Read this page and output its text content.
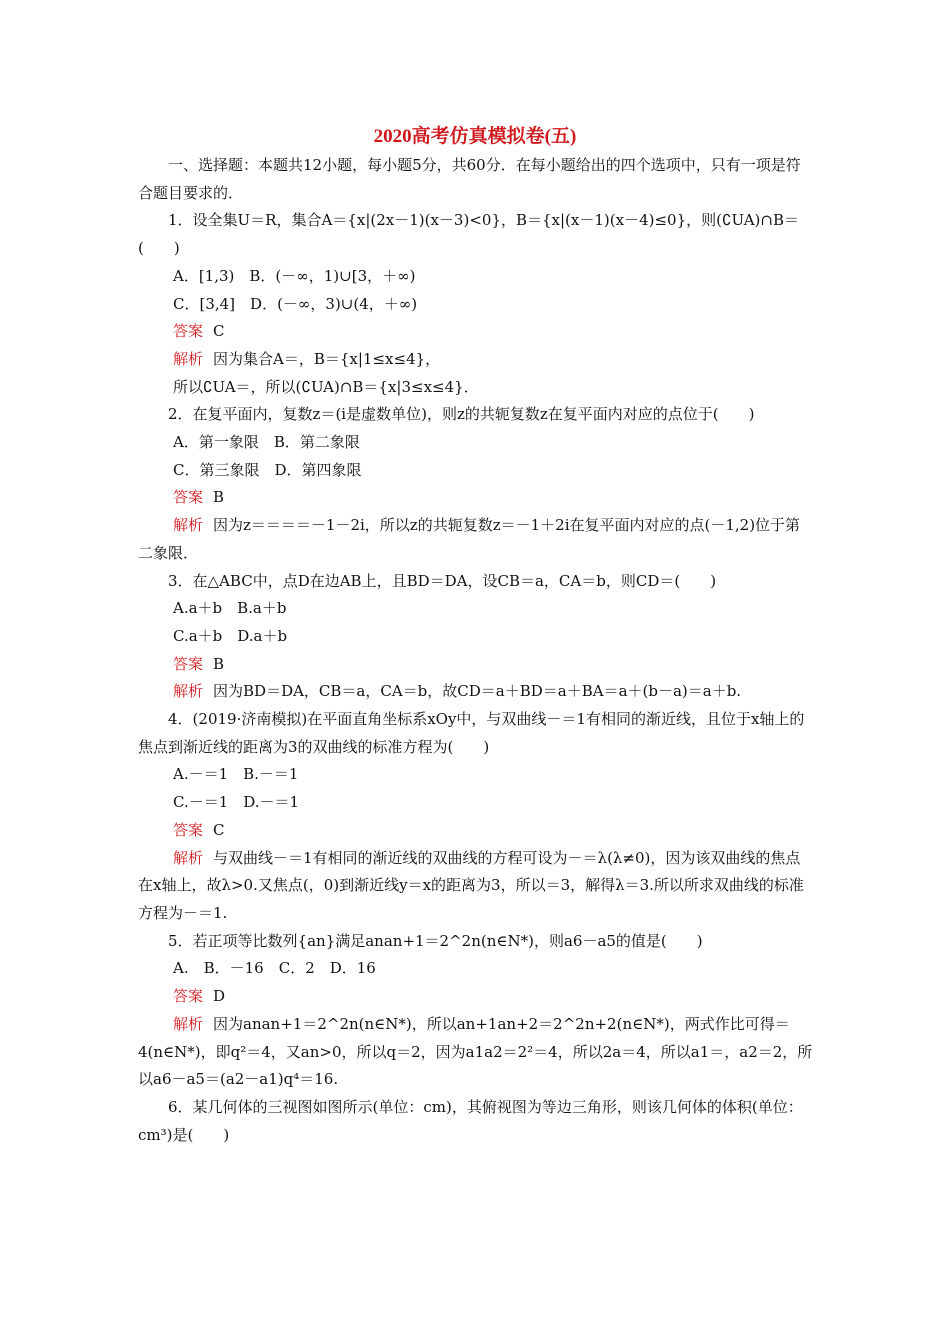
2020高考仿真模拟卷(五)

一、选择题：本题共12小题，每小题5分，共60分．在每小题给出的四个选项中，只有一项是符合题目要求的．

1．设全集U＝R，集合A＝{x|(2x－1)(x－3)<0}，B＝{x|(x－1)(x－4)≤0}，则(∁UA)∩B＝(　　)

A．[1,3)　B．(－∞，1)∪[3，＋∞)

C．[3,4]　D．(－∞，3)∪(4，＋∞)

答案 C

解析 因为集合A＝，B＝{x|1≤x≤4}，

所以∁UA＝，所以(∁UA)∩B＝{x|3≤x≤4}．

2．在复平面内，复数z＝(i是虚数单位)，则z的共轭复数z在复平面内对应的点位于(　　)

A．第一象限　B．第二象限

C．第三象限　D．第四象限

答案 B

解析 因为z＝＝＝＝－1－2i，所以z的共轭复数z＝－1＋2i在复平面内对应的点(－1,2)位于第二象限．

3．在△ABC中，点D在边AB上，且BD＝DA，设CB＝a，CA＝b，则CD＝(　　)

A.a＋b　B.a＋b

C.a＋b　D.a＋b

答案 B

解析 因为BD＝DA，CB＝a，CA＝b，故CD＝a＋BD＝a＋BA＝a＋(b－a)＝a＋b.

4．(2019·济南模拟)在平面直角坐标系xOy中，与双曲线－＝1有相同的渐近线，且位于x轴上的焦点到渐近线的距离为3的双曲线的标准方程为(　　)

A.－＝1　B.－＝1

C.－＝1　D.－＝1

答案 C

解析 与双曲线－＝1有相同的渐近线的双曲线的方程可设为－＝λ(λ≠0)，因为该双曲线的焦点在x轴上，故λ>0.又焦点(，0)到渐近线y＝x的距离为3，所以＝3，解得λ＝3.所以所求双曲线的标准方程为－＝1.

5．若正项等比数列{an}满足anan+1＝2^2n(n∈N*)，则a6－a5的值是(　　)

A.　B．－16　C．2　D．16

答案 D

解析 因为anan+1＝2^2n(n∈N*)，所以an+1an+2＝2^2n+2(n∈N*)，两式作比可得＝4(n∈N*)，即q²＝4，又an>0，所以q＝2，因为a1a2＝2²＝4，所以2a＝4，所以a1＝，a2＝2，所以a6－a5＝(a2－a1)q⁴＝16.

6．某几何体的三视图如图所示(单位：cm)，其俯视图为等边三角形，则该几何体的体积(单位：cm³)是(　　)
